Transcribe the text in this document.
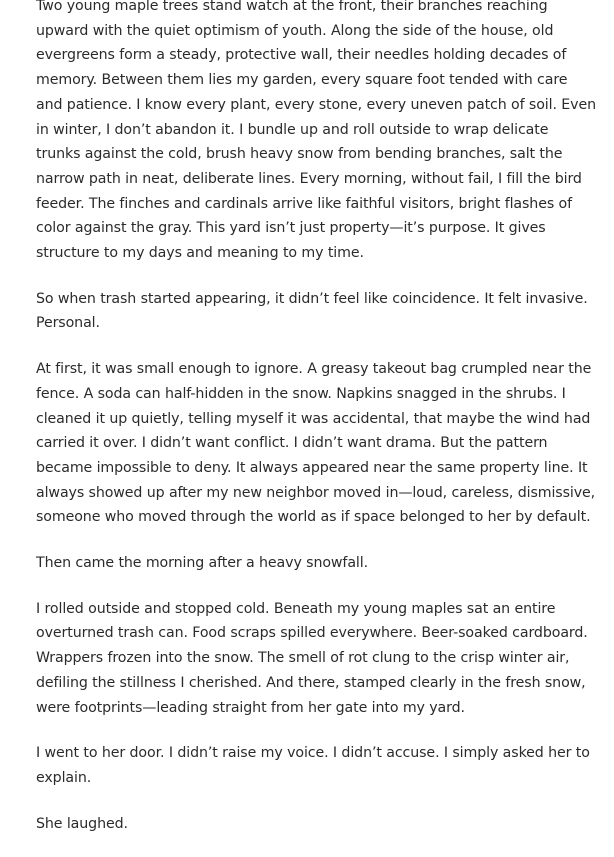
Two young maple trees stand watch at the front, their branches reaching upward with the quiet optimism of youth. Along the side of the house, old evergreens form a steady, protective wall, their needles holding decades of memory. Between them lies my garden, every square foot tended with care and patience. I know every plant, every stone, every uneven patch of soil. Even in winter, I don’t abandon it. I bundle up and roll outside to wrap delicate trunks against the cold, brush heavy snow from bending branches, salt the narrow path in neat, deliberate lines. Every morning, without fail, I fill the bird feeder. The finches and cardinals arrive like faithful visitors, bright flashes of color against the gray. This yard isn’t just property—it’s purpose. It gives structure to my days and meaning to my time.

So when trash started appearing, it didn’t feel like coincidence. It felt invasive. Personal.

At first, it was small enough to ignore. A greasy takeout bag crumpled near the fence. A soda can half-hidden in the snow. Napkins snagged in the shrubs. I cleaned it up quietly, telling myself it was accidental, that maybe the wind had carried it over. I didn’t want conflict. I didn’t want drama. But the pattern became impossible to deny. It always appeared near the same property line. It always showed up after my new neighbor moved in—loud, careless, dismissive, someone who moved through the world as if space belonged to her by default.

Then came the morning after a heavy snowfall.

I rolled outside and stopped cold. Beneath my young maples sat an entire overturned trash can. Food scraps spilled everywhere. Beer-soaked cardboard. Wrappers frozen into the snow. The smell of rot clung to the crisp winter air, defiling the stillness I cherished. And there, stamped clearly in the fresh snow, were footprints—leading straight from her gate into my yard.

I went to her door. I didn’t raise my voice. I didn’t accuse. I simply asked her to explain.

She laughed.
